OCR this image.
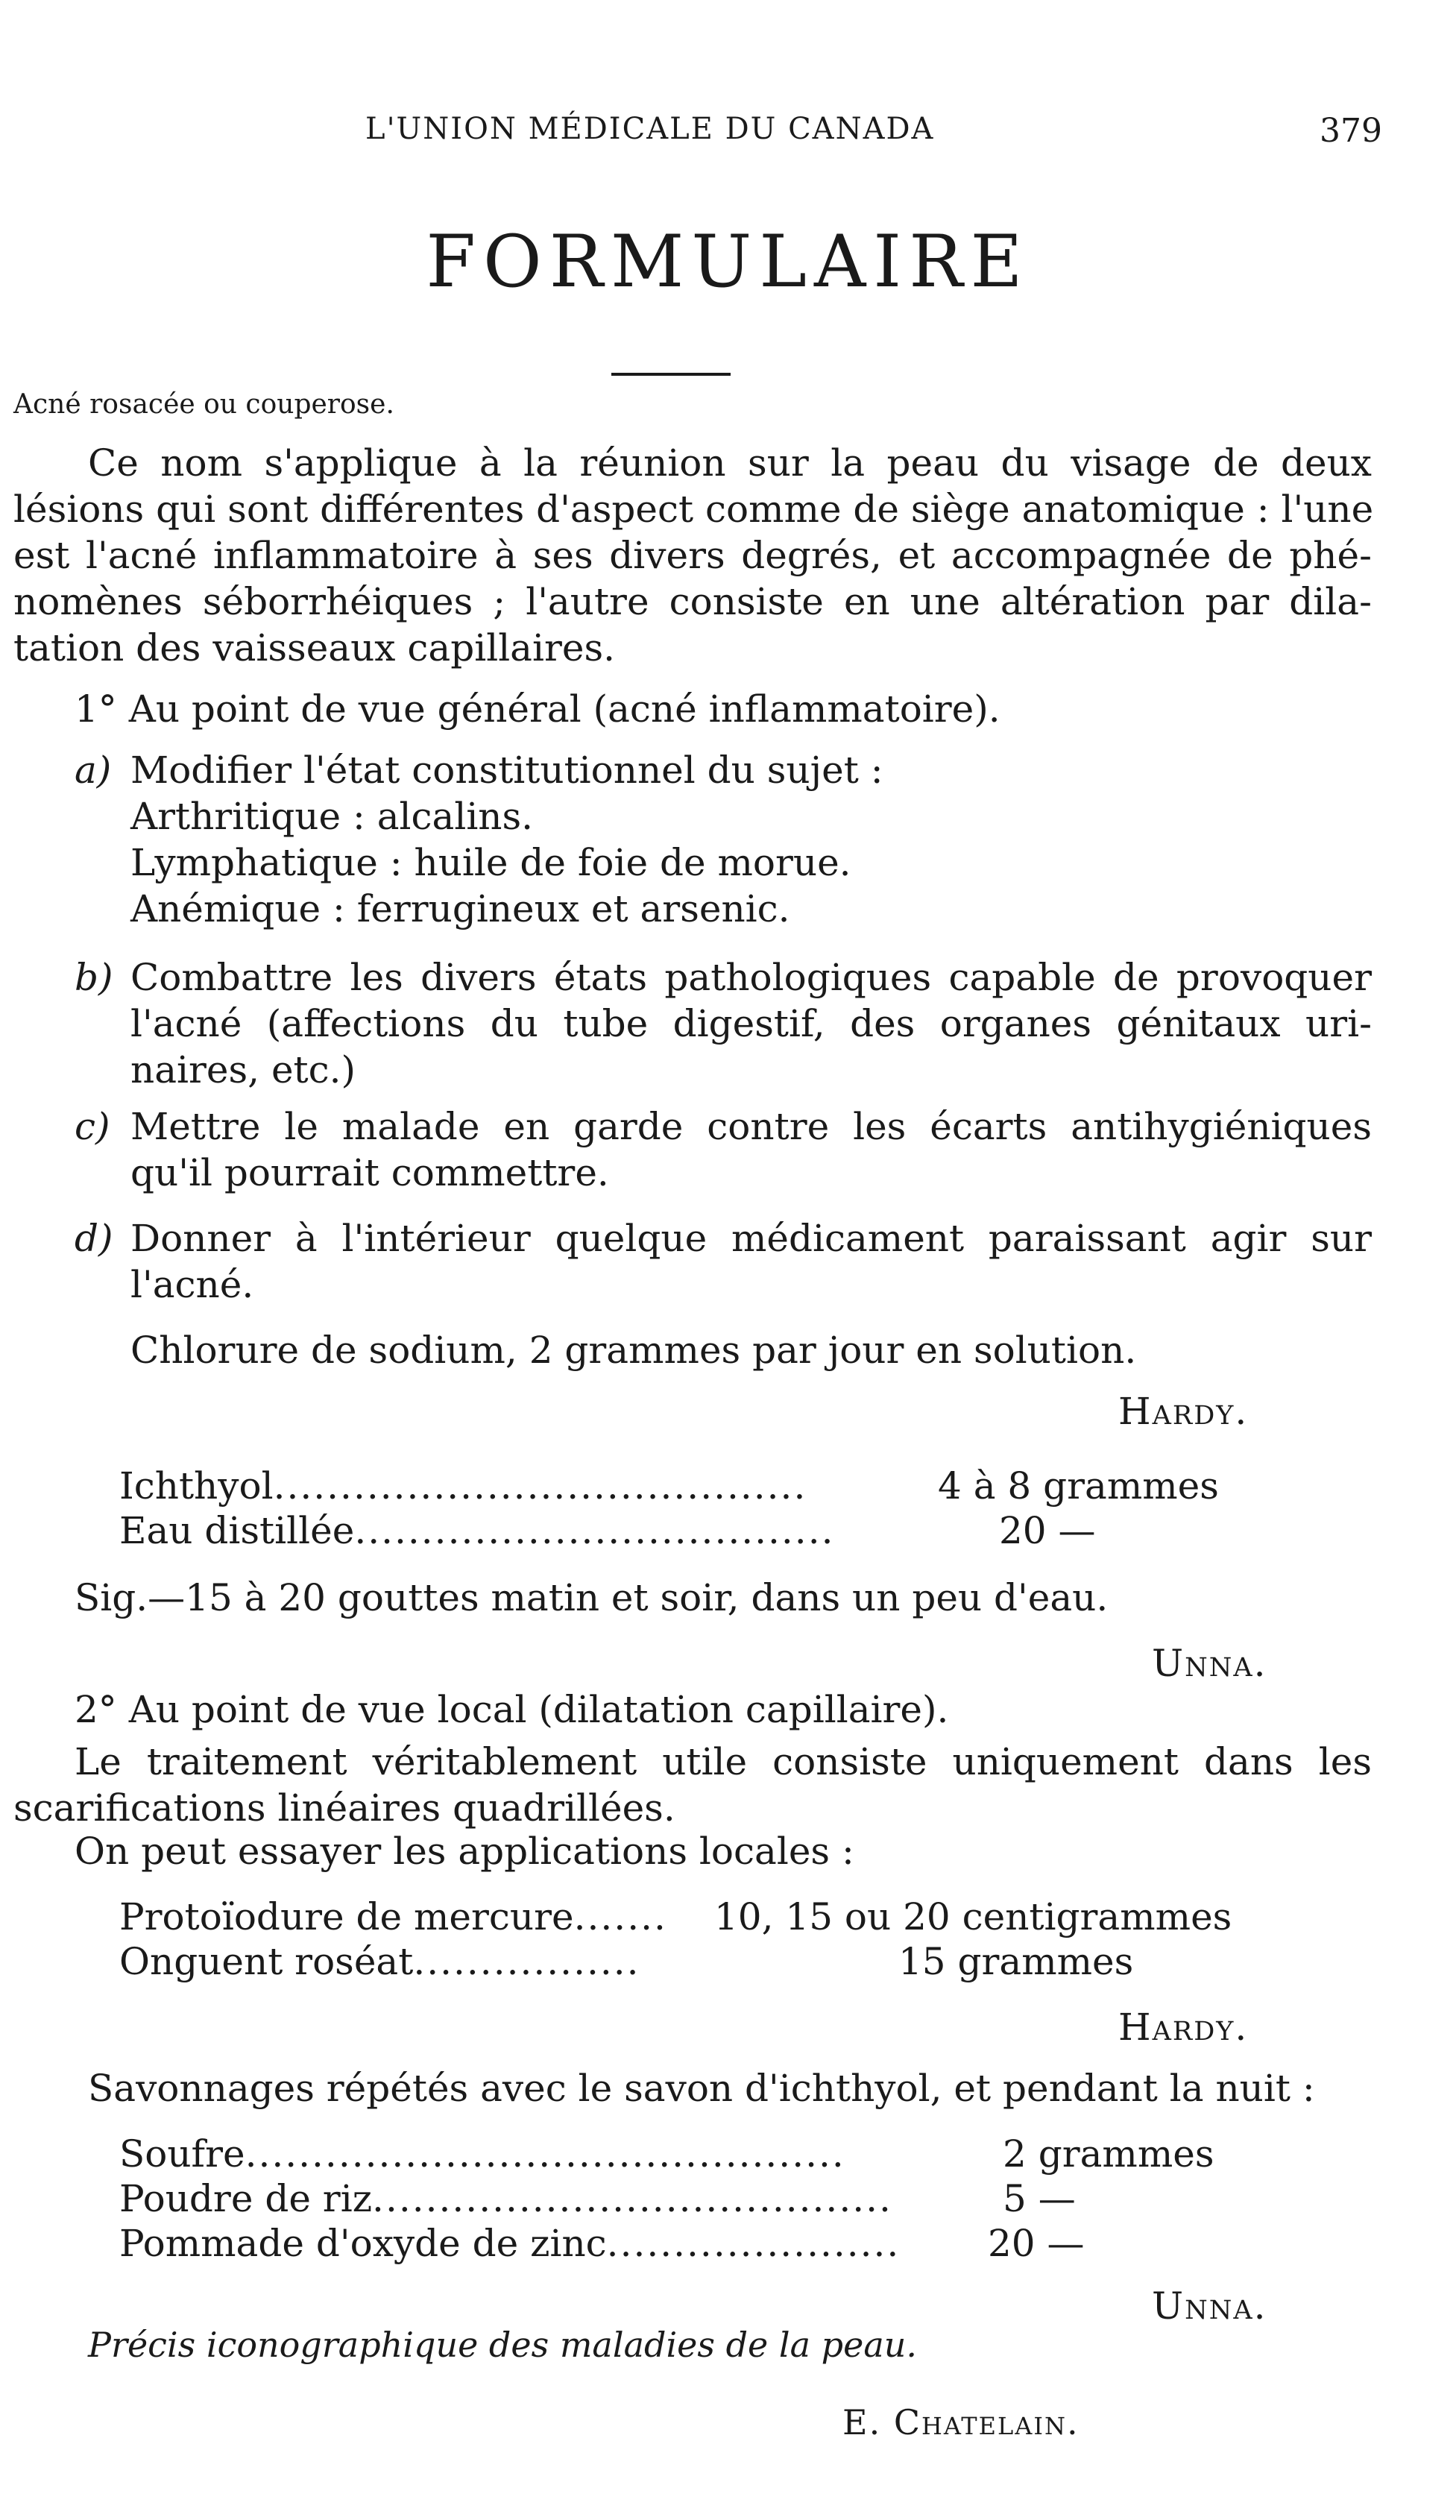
L'UNION MÉDICALE DU CANADA	379
FORMULAIRE
Acné rosacée ou couperose.
Ce nom s'applique à la réunion sur la peau du visage de deux
lésions qui sont différentes d'aspect comme de siège anatomique : l'une
est l'acné inflammatoire à ses divers degrés, et accompagnée de phé-
nomènes séborrhéiques ; l'autre consiste en une altération par dila-
tation des vaisseaux capillaires.
1° Au point de vue général (acné inflammatoire).
a) Modifier l'état constitutionnel du sujet :
Arthritique : alcalins.
Lymphatique : huile de foie de morue.
Anémique : ferrugineux et arsenic.
b) Combattre les divers états pathologiques capable de provoquer
l'acné (affections du tube digestif, des organes génitaux uri-
naires, etc.)
c) Mettre le malade en garde contre les écarts antihygiéniques
qu'il pourrait commettre.
d) Donner à l'intérieur quelque médicament paraissant agir sur
l'acné.
Chlorure de sodium, 2 grammes par jour en solution.
Hardy.
Ichthyol........................................	4 à 8 grammes
Eau distillée....................................	20 —
Sig.—15 à 20 gouttes matin et soir, dans un peu d'eau.
Unna.
2° Au point de vue local (dilatation capillaire).
Le traitement véritablement utile consiste uniquement dans les
scarifications linéaires quadrillées.
On peut essayer les applications locales :
Protoïodure de mercure....... 10, 15 ou 20 centigrammes
Onguent roséat.................	15 grammes
Hardy.
Savonnages répétés avec le savon d'ichthyol, et pendant la nuit :
Soufre.............................................	2 grammes
Poudre de riz.......................................	5 —
Pommade d'oxyde de zinc...................... 20 —
Unna.
Précis iconographique des maladies de la peau.
E. Chatelain.
